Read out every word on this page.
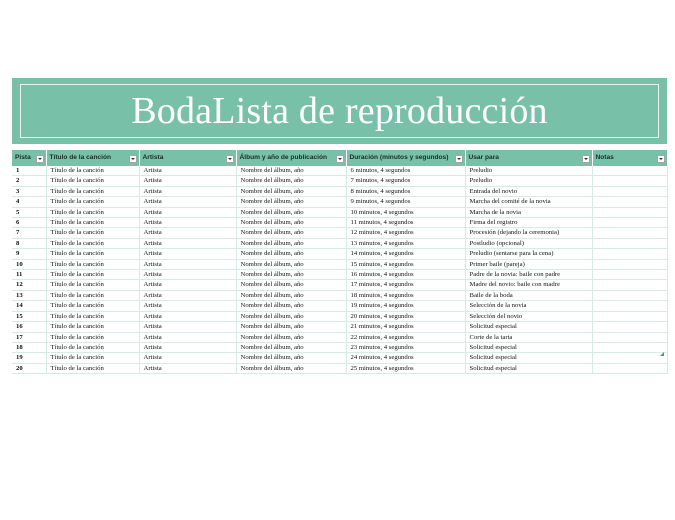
BodaLista de reproducción
Pista	Título de la canción	Artista	Álbum y año de publicación	Duración (minutos y segundos)	Usar para	Notas

1	Título de la canción	Artista	Nombre del álbum, año	6 minutos, 4 segundos	Preludio	
2	Título de la canción	Artista	Nombre del álbum, año	7 minutos, 4 segundos	Preludio	
3	Título de la canción	Artista	Nombre del álbum, año	8 minutos, 4 segundos	Entrada del novio	
4	Título de la canción	Artista	Nombre del álbum, año	9 minutos, 4 segundos	Marcha del comité de la novia	
5	Título de la canción	Artista	Nombre del álbum, año	10 minutos, 4 segundos	Marcha de la novia	
6	Título de la canción	Artista	Nombre del álbum, año	11 minutos, 4 segundos	Firma del registro	
7	Título de la canción	Artista	Nombre del álbum, año	12 minutos, 4 segundos	Procesión (dejando la ceremonia)	
8	Título de la canción	Artista	Nombre del álbum, año	13 minutos, 4 segundos	Postludio (opcional)	
9	Título de la canción	Artista	Nombre del álbum, año	14 minutos, 4 segundos	Preludio (sentarse para la cena)	
10	Título de la canción	Artista	Nombre del álbum, año	15 minutos, 4 segundos	Primer baile (pareja)	
11	Título de la canción	Artista	Nombre del álbum, año	16 minutos, 4 segundos	Padre de la novia: baile con padre	
12	Título de la canción	Artista	Nombre del álbum, año	17 minutos, 4 segundos	Madre del novio: baile con madre	
13	Título de la canción	Artista	Nombre del álbum, año	18 minutos, 4 segundos	Baile de la boda	
14	Título de la canción	Artista	Nombre del álbum, año	19 minutos, 4 segundos	Selección de la novia	
15	Título de la canción	Artista	Nombre del álbum, año	20 minutos, 4 segundos	Selección del novio	
16	Título de la canción	Artista	Nombre del álbum, año	21 minutos, 4 segundos	Solicitud especial	
17	Título de la canción	Artista	Nombre del álbum, año	22 minutos, 4 segundos	Corte de la tarta	
18	Título de la canción	Artista	Nombre del álbum, año	23 minutos, 4 segundos	Solicitud especial	
19	Título de la canción	Artista	Nombre del álbum, año	24 minutos, 4 segundos	Solicitud especial	
20	Título de la canción	Artista	Nombre del álbum, año	25 minutos, 4 segundos	Solicitud especial	
